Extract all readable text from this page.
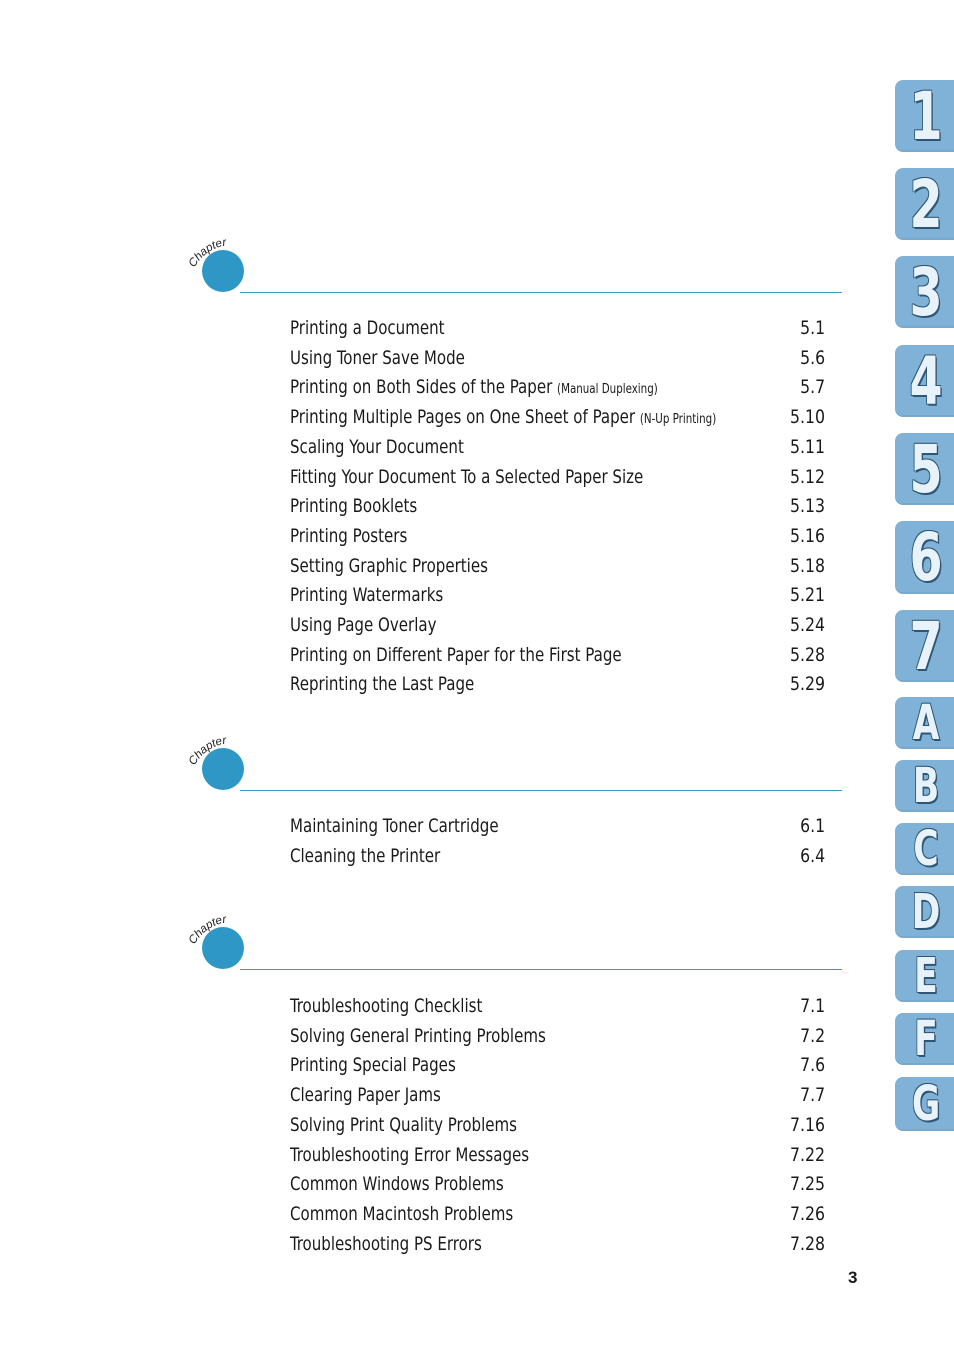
Chapter
Printing a Document	5.1
Using Toner Save Mode	5.6
Printing on Both Sides of the Paper (Manual Duplexing)	5.7
Printing Multiple Pages on One Sheet of Paper (N-Up Printing)	5.10
Scaling Your Document	5.11
Fitting Your Document To a Selected Paper Size	5.12
Printing Booklets	5.13
Printing Posters	5.16
Setting Graphic Properties	5.18
Printing Watermarks	5.21
Using Page Overlay	5.24
Printing on Different Paper for the First Page	5.28
Reprinting the Last Page	5.29
Chapter
Maintaining Toner Cartridge	6.1
Cleaning the Printer	6.4
Chapter
Troubleshooting Checklist	7.1
Solving General Printing Problems	7.2
Printing Special Pages	7.6
Clearing Paper Jams	7.7
Solving Print Quality Problems	7.16
Troubleshooting Error Messages	7.22
Common Windows Problems	7.25
Common Macintosh Problems	7.26
Troubleshooting PS Errors	7.28
1
2
3
4
5
6
7
A
B
C
D
E
F
G
3
